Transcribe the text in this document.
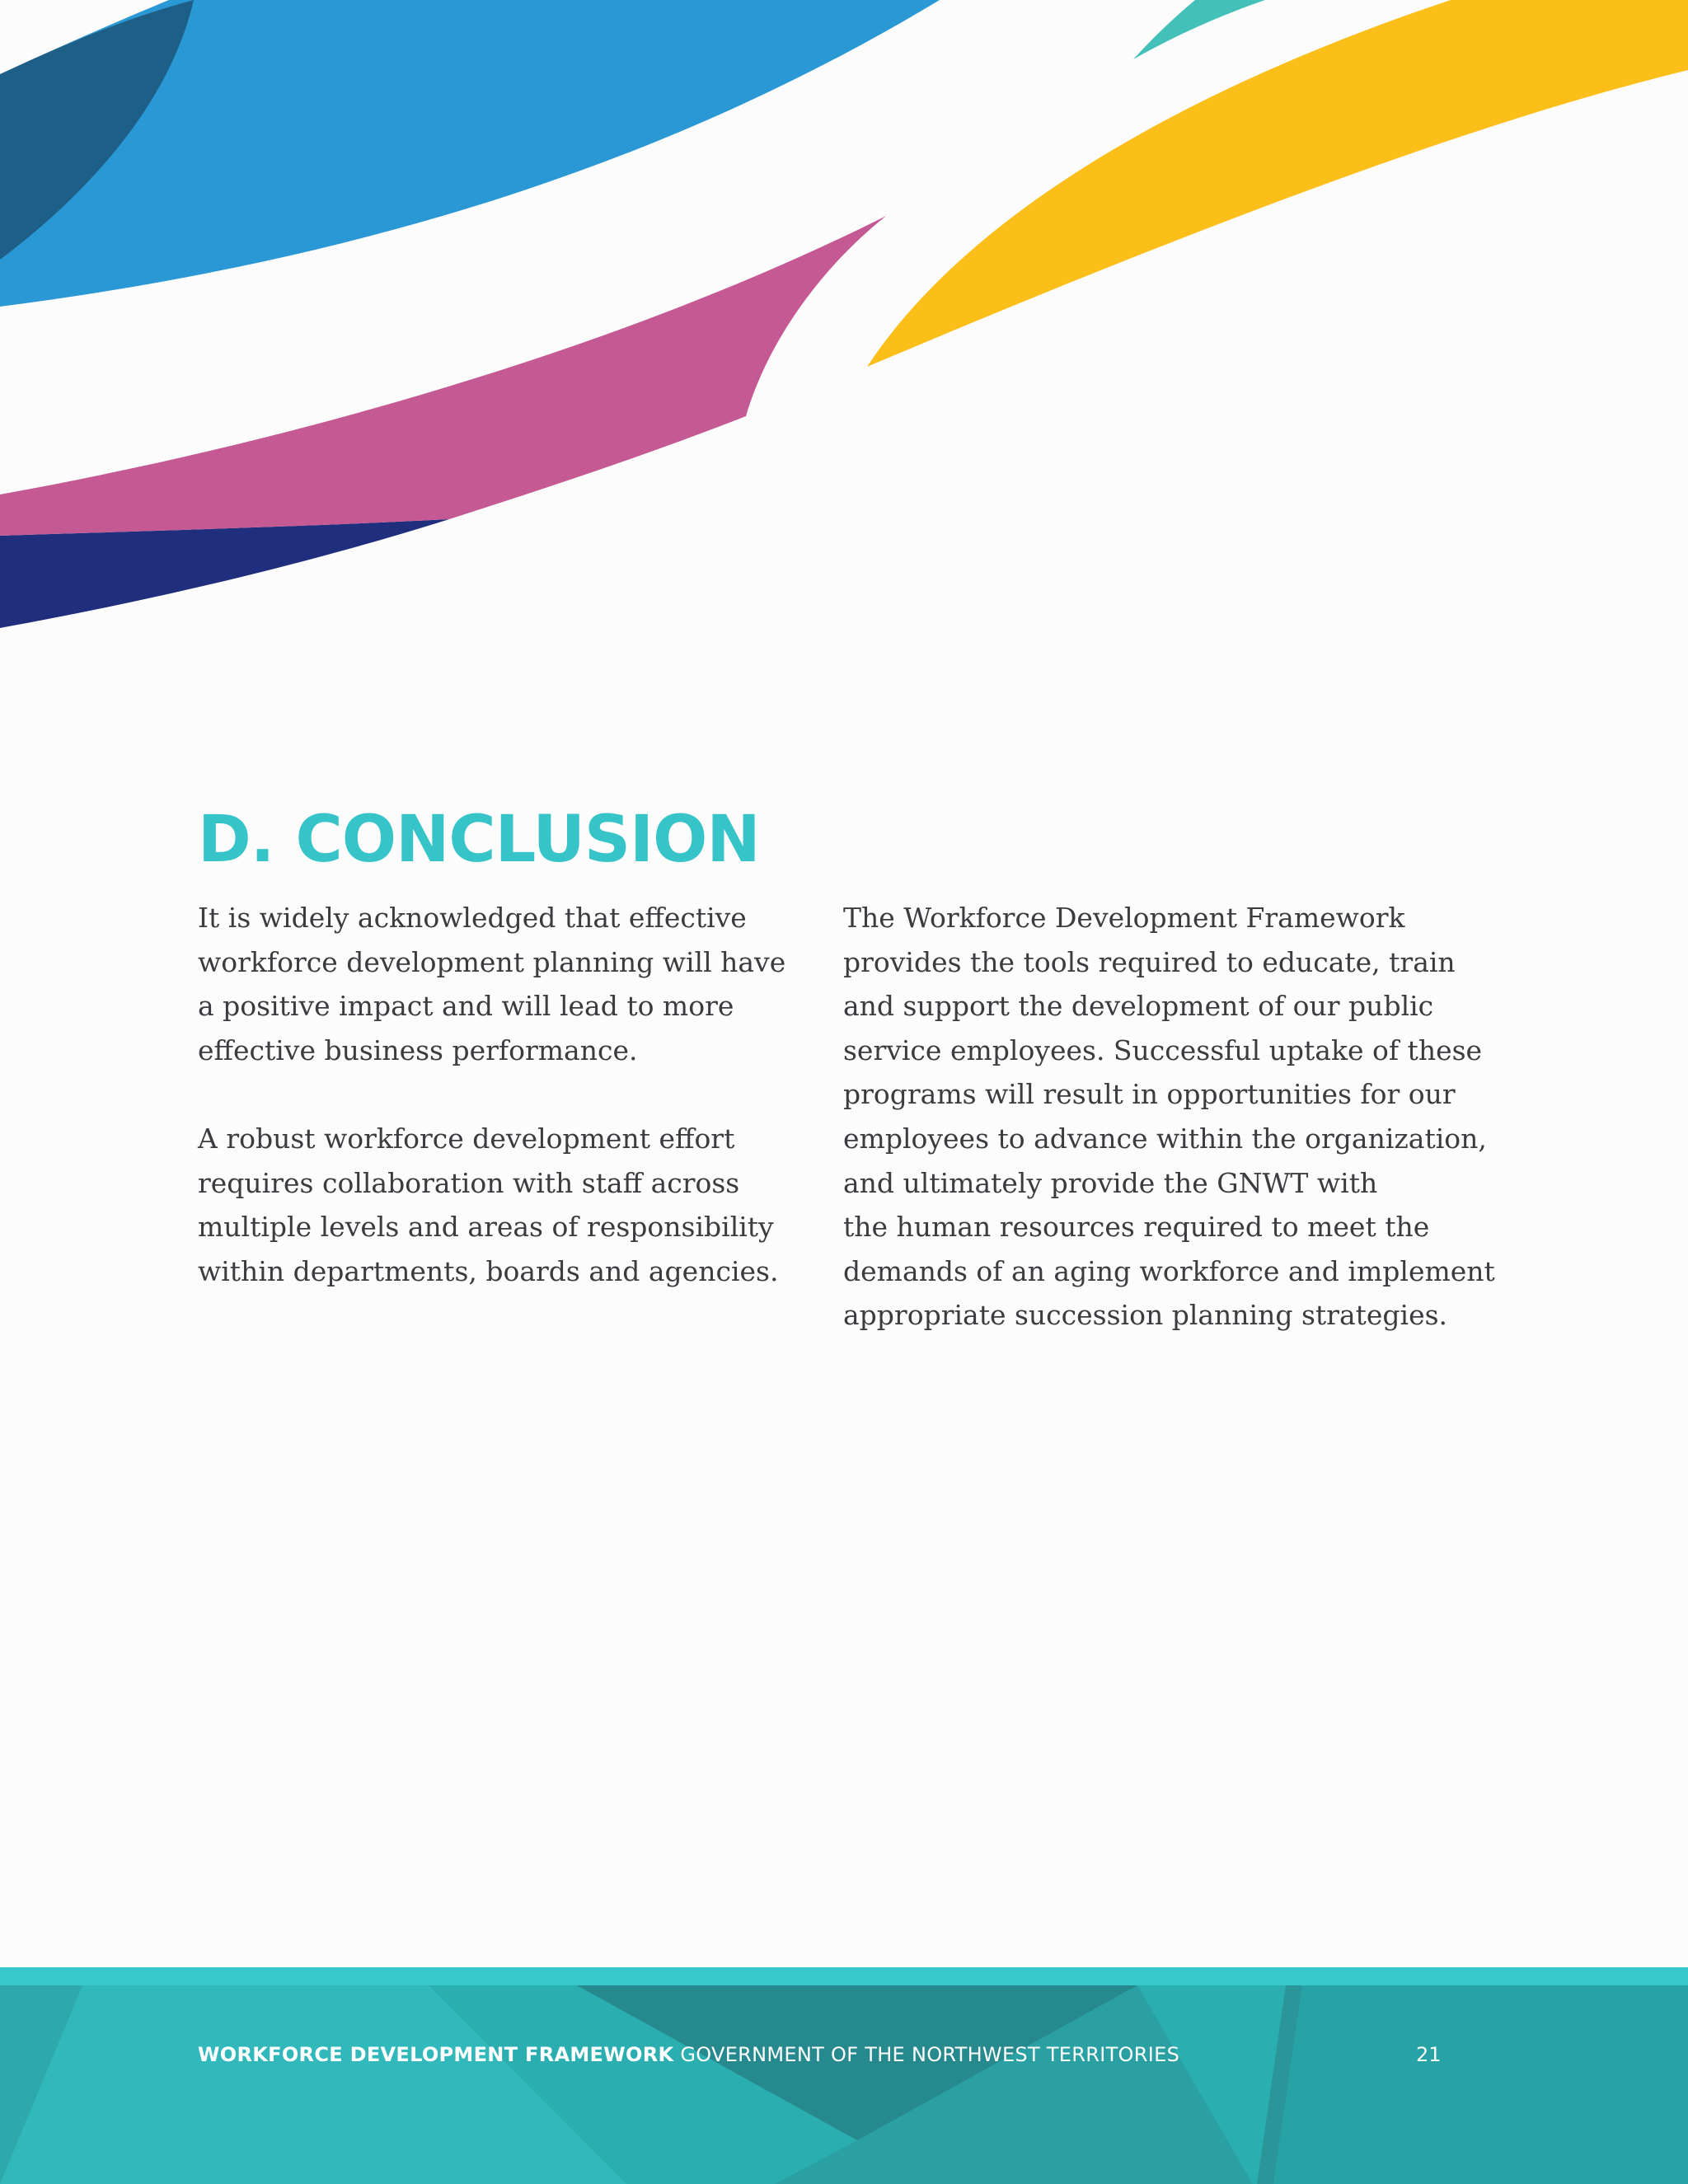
D. CONCLUSION

It is widely acknowledged that effective
workforce development planning will have
a positive impact and will lead to more
effective business performance.

A robust workforce development effort
requires collaboration with staff across
multiple levels and areas of responsibility
within departments, boards and agencies.

The Workforce Development Framework
provides the tools required to educate, train
and support the development of our public
service employees. Successful uptake of these
programs will result in opportunities for our
employees to advance within the organization,
and ultimately provide the GNWT with
the human resources required to meet the
demands of an aging workforce and implement
appropriate succession planning strategies.

WORKFORCE DEVELOPMENT FRAMEWORK GOVERNMENT OF THE NORTHWEST TERRITORIES	21
